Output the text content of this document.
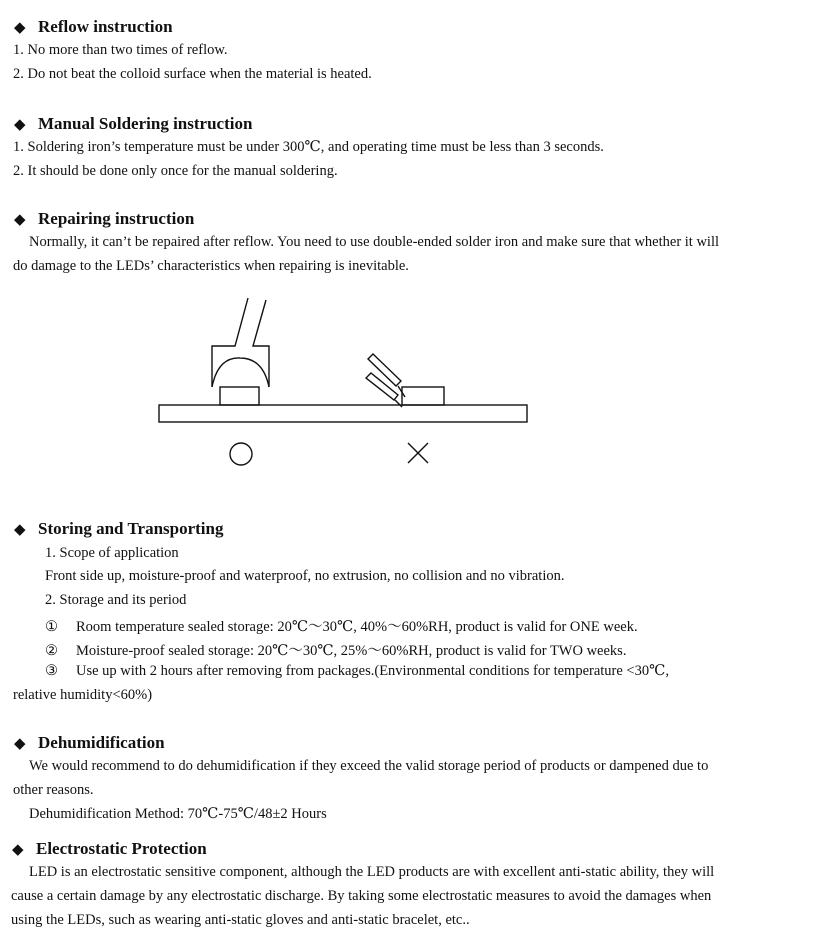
◆ Reflow instruction
1. No more than two times of reflow.
2. Do not beat the colloid surface when the material is heated.
◆ Manual Soldering instruction
1. Soldering iron’s temperature must be under 300℃, and operating time must be less than 3 seconds.
2. It should be done only once for the manual soldering.
◆ Repairing instruction
Normally, it can’t be repaired after reflow. You need to use double-ended solder iron and make sure that whether it will
do damage to the LEDs’ characteristics when repairing is inevitable.
◆ Storing and Transporting
1. Scope of application
Front side up, moisture-proof and waterproof, no extrusion, no collision and no vibration.
2. Storage and its period
① Room temperature sealed storage: 20℃～30℃, 40%～60%RH, product is valid for ONE week.
② Moisture-proof sealed storage: 20℃～30℃, 25%～60%RH, product is valid for TWO weeks.
③ Use up with 2 hours after removing from packages.(Environmental conditions for temperature <30℃,
relative humidity<60%)
◆ Dehumidification
We would recommend to do dehumidification if they exceed the valid storage period of products or dampened due to
other reasons.
Dehumidification Method: 70℃-75℃/48±2 Hours
◆ Electrostatic Protection
LED is an electrostatic sensitive component, although the LED products are with excellent anti-static ability, they will
cause a certain damage by any electrostatic discharge. By taking some electrostatic measures to avoid the damages when
using the LEDs, such as wearing anti-static gloves and anti-static bracelet, etc..
